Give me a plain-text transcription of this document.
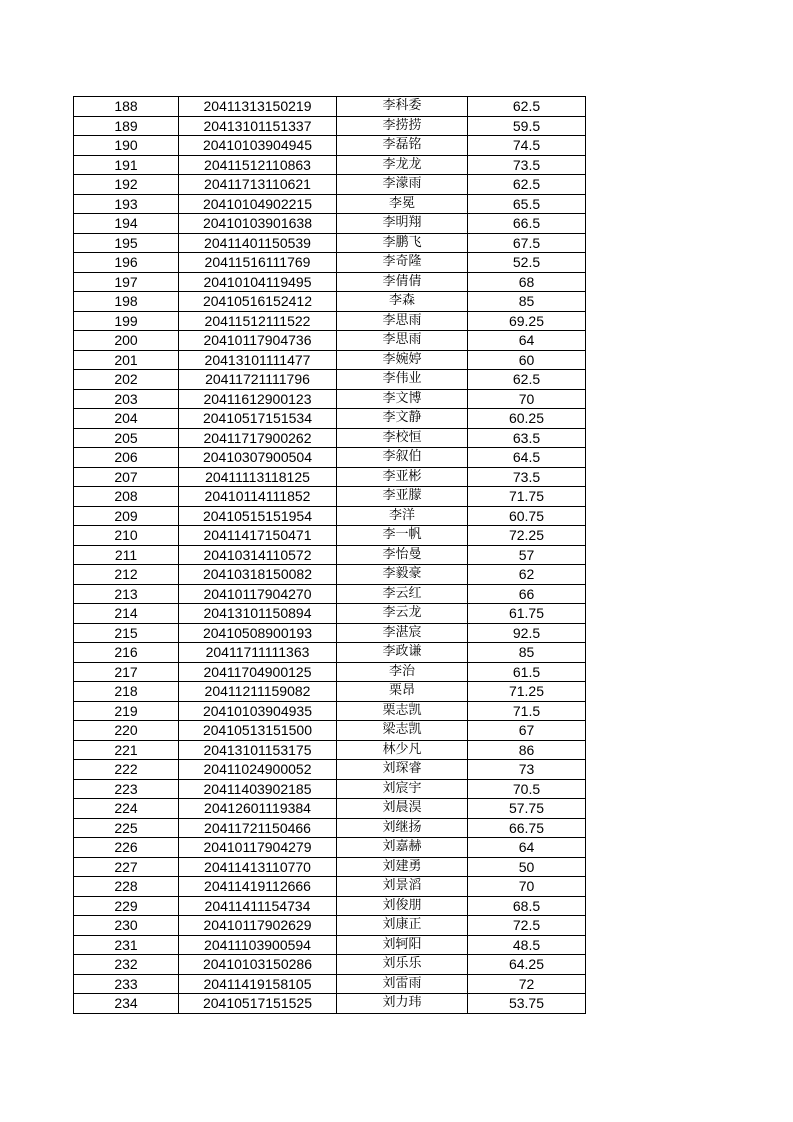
188	20411313150219	李科委	62.5
189	20413101151337	李捞捞	59.5
190	20410103904945	李磊铭	74.5
191	20411512110863	李龙龙	73.5
192	20411713110621	李濛雨	62.5
193	20410104902215	李冕	65.5
194	20410103901638	李明翔	66.5
195	20411401150539	李鹏飞	67.5
196	20411516111769	李奇隆	52.5
197	20410104119495	李倩倩	68
198	20410516152412	李森	85
199	20411512111522	李思雨	69.25
200	20410117904736	李思雨	64
201	20413101111477	李婉婷	60
202	20411721111796	李伟业	62.5
203	20411612900123	李文博	70
204	20410517151534	李文静	60.25
205	20411717900262	李校恒	63.5
206	20410307900504	李叙伯	64.5
207	20411113118125	李亚彬	73.5
208	20410114111852	李亚朦	71.75
209	20410515151954	李洋	60.75
210	20411417150471	李一帆	72.25
211	20410314110572	李怡曼	57
212	20410318150082	李毅豪	62
213	20410117904270	李云红	66
214	20413101150894	李云龙	61.75
215	20410508900193	李湛宸	92.5
216	20411711111363	李政谦	85
217	20411704900125	李治	61.5
218	20411211159082	栗昂	71.25
219	20410103904935	栗志凯	71.5
220	20410513151500	梁志凯	67
221	20413101153175	林少凡	86
222	20411024900052	刘琛睿	73
223	20411403902185	刘宸宇	70.5
224	20412601119384	刘晨淏	57.75
225	20411721150466	刘继扬	66.75
226	20410117904279	刘嘉赫	64
227	20411413110770	刘建勇	50
228	20411419112666	刘景滔	70
229	20411411154734	刘俊朋	68.5
230	20410117902629	刘康正	72.5
231	20411103900594	刘轲阳	48.5
232	20410103150286	刘乐乐	64.25
233	20411419158105	刘雷雨	72
234	20410517151525	刘力玮	53.75
